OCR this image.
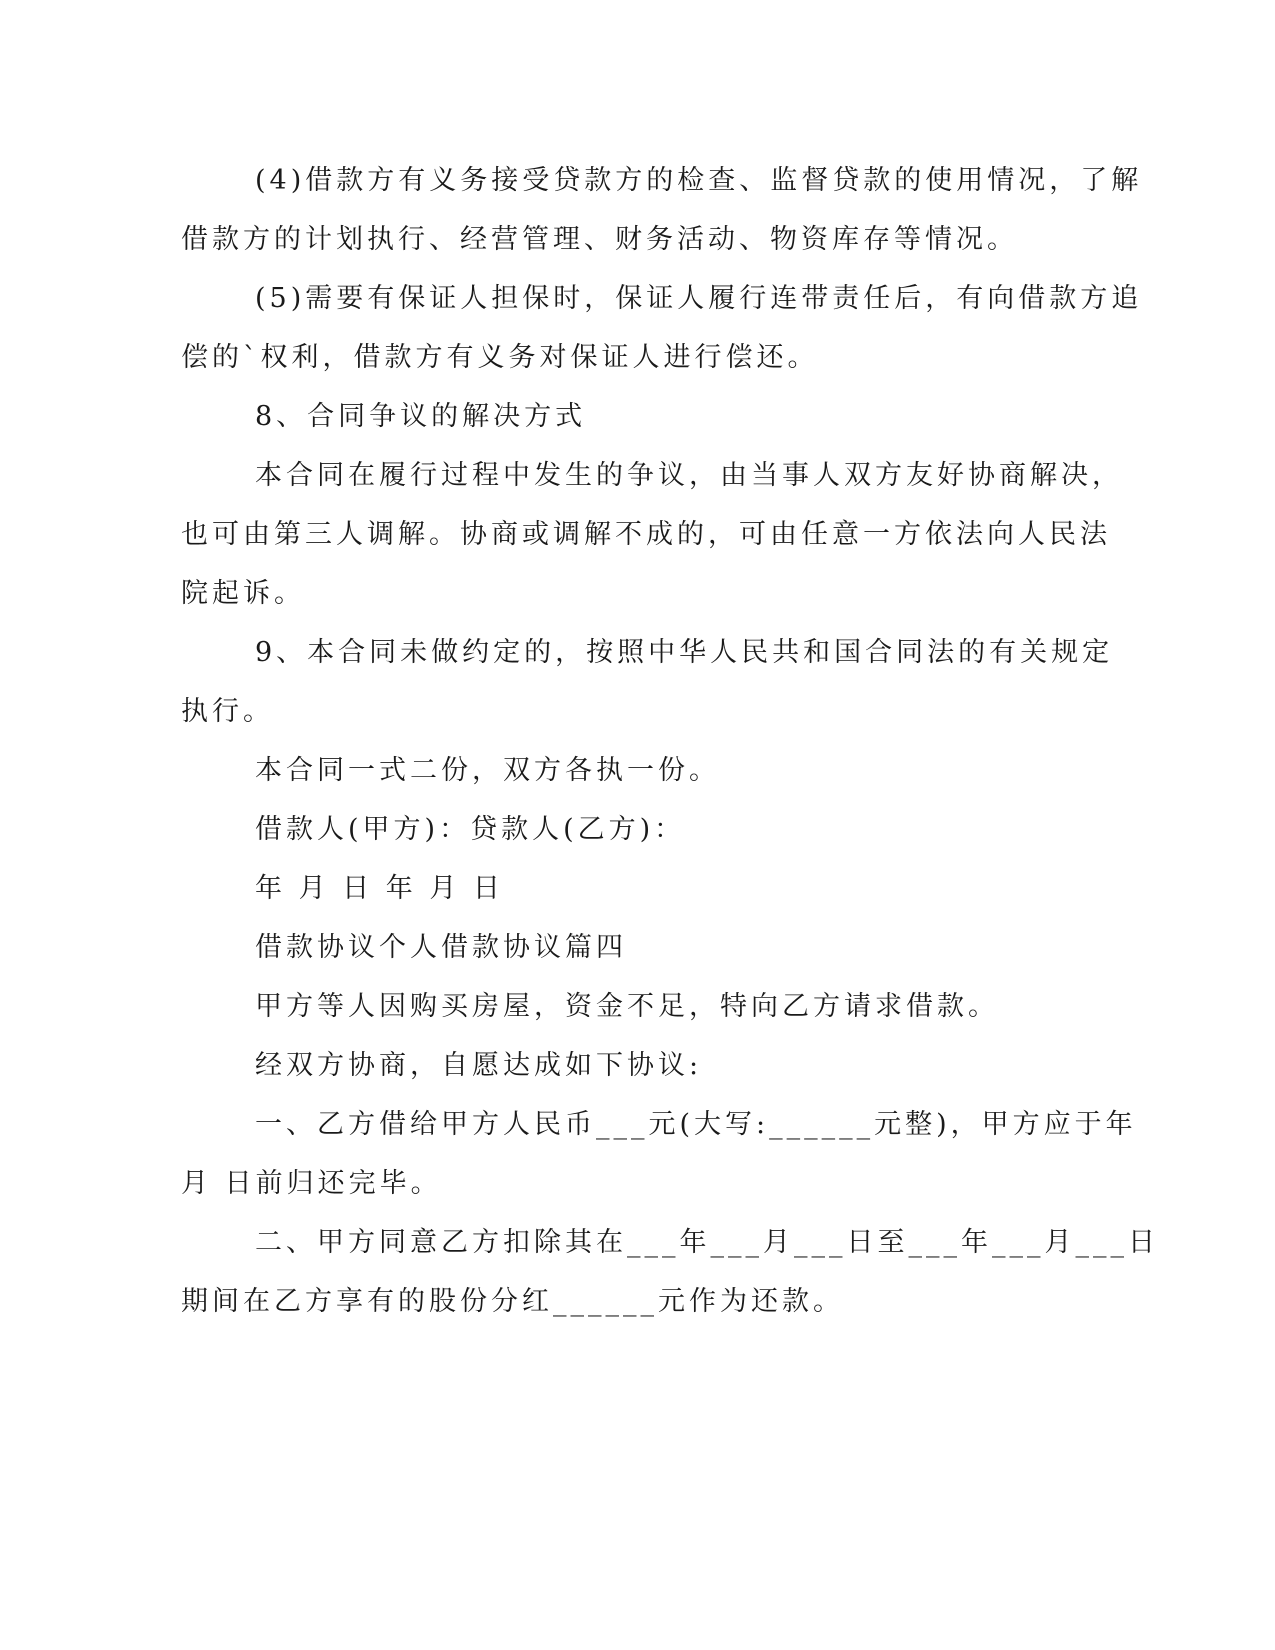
(4)借款方有义务接受贷款方的检查、监督贷款的使用情况，了解

借款方的计划执行、经营管理、财务活动、物资库存等情况。

(5)需要有保证人担保时，保证人履行连带责任后，有向借款方追

偿的`权利，借款方有义务对保证人进行偿还。

8、合同争议的解决方式

本合同在履行过程中发生的争议，由当事人双方友好协商解决，

也可由第三人调解。协商或调解不成的，可由任意一方依法向人民法

院起诉。

9、本合同未做约定的，按照中华人民共和国合同法的有关规定

执行。

本合同一式二份，双方各执一份。

借款人(甲方)：贷款人(乙方)：

年 月 日 年 月 日

借款协议个人借款协议篇四

甲方等人因购买房屋，资金不足，特向乙方请求借款。

经双方协商，自愿达成如下协议:

一、乙方借给甲方人民币___元(大写:______元整)，甲方应于年

月 日前归还完毕。

二、甲方同意乙方扣除其在___年___月___日至___年___月___日

期间在乙方享有的股份分红______元作为还款。
